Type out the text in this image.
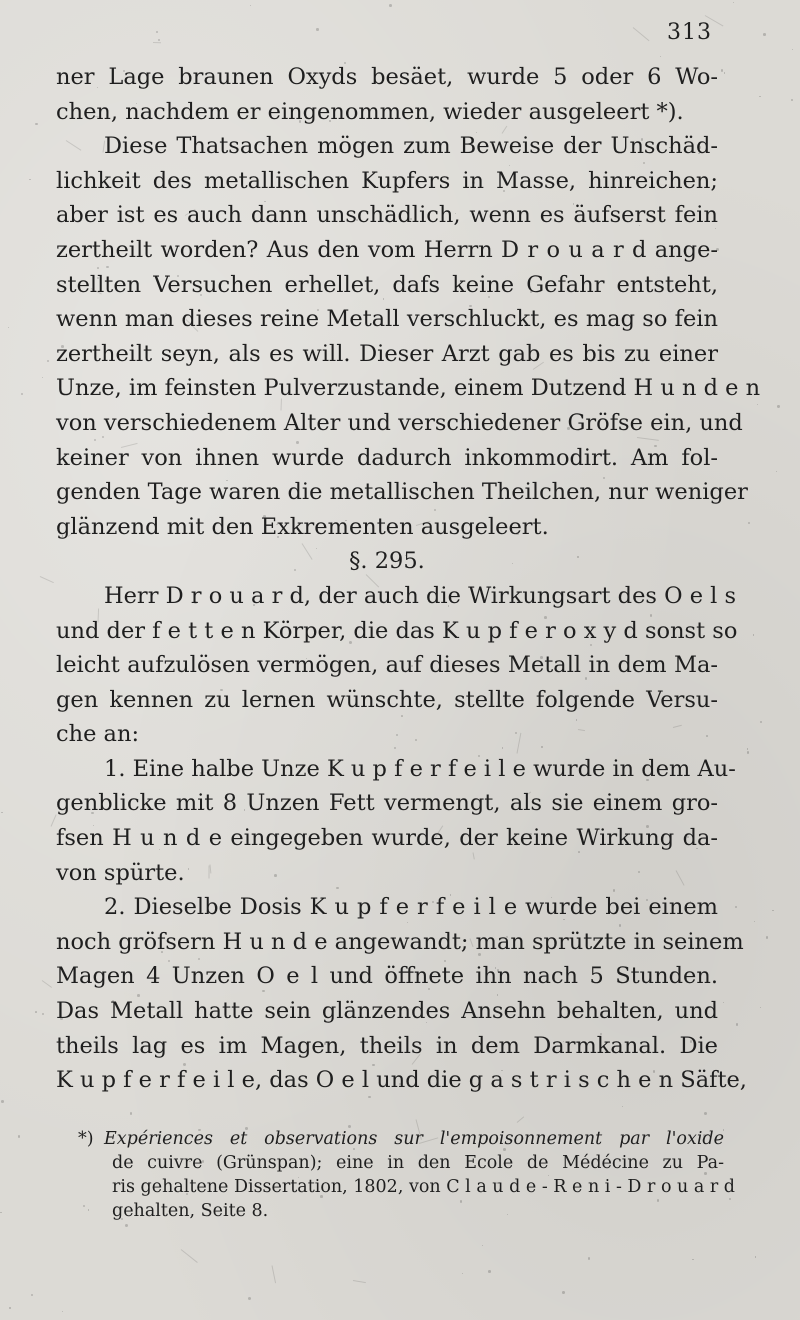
313
ner Lage braunen Oxyds besäet, wurde 5 oder 6 Wo-
chen, nachdem er eingenommen, wieder ausgeleert *).
Diese Thatsachen mögen zum Beweise der Unschäd-
lichkeit des metallischen Kupfers in Masse, hinreichen;
aber ist es auch dann unschädlich, wenn es äufserst fein
zertheilt worden? Aus den vom Herrn D r o u a r d ange-
stellten Versuchen erhellet, dafs keine Gefahr entsteht,
wenn man dieses reine Metall verschluckt, es mag so fein
zertheilt seyn, als es will. Dieser Arzt gab es bis zu einer
Unze, im feinsten Pulverzustande, einem Dutzend H u n d e n
von verschiedenem Alter und verschiedener Gröfse ein, und
keiner von ihnen wurde dadurch inkommodirt. Am fol-
genden Tage waren die metallischen Theilchen, nur weniger
glänzend mit den Exkrementen ausgeleert.
§. 295.
Herr D r o u a r d, der auch die Wirkungsart des O e l s
und der f e t t e n Körper, die das K u p f e r o x y d sonst so
leicht aufzulösen vermögen, auf dieses Metall in dem Ma-
gen kennen zu lernen wünschte, stellte folgende Versu-
che an:
1. Eine halbe Unze K u p f e r f e i l e wurde in dem Au-
genblicke mit 8 Unzen Fett vermengt, als sie einem gro-
fsen H u n d e eingegeben wurde, der keine Wirkung da-
von spürte.
2. Dieselbe Dosis K u p f e r f e i l e wurde bei einem
noch gröfsern H u n d e angewandt; man sprützte in seinem
Magen 4 Unzen O e l und öffnete ihn nach 5 Stunden.
Das Metall hatte sein glänzendes Ansehn behalten, und
theils lag es im Magen, theils in dem Darmkanal. Die
K u p f e r f e i l e, das O e l und die g a s t r i s c h e n Säfte,
*) Expériences et observations sur l'empoisonnement par l'oxide
de cuivre (Grünspan); eine in den Ecole de Médécine zu Pa-
ris gehaltene Dissertation, 1802, von C l a u d e - R e n i - D r o u a r d
gehalten, Seite 8.
